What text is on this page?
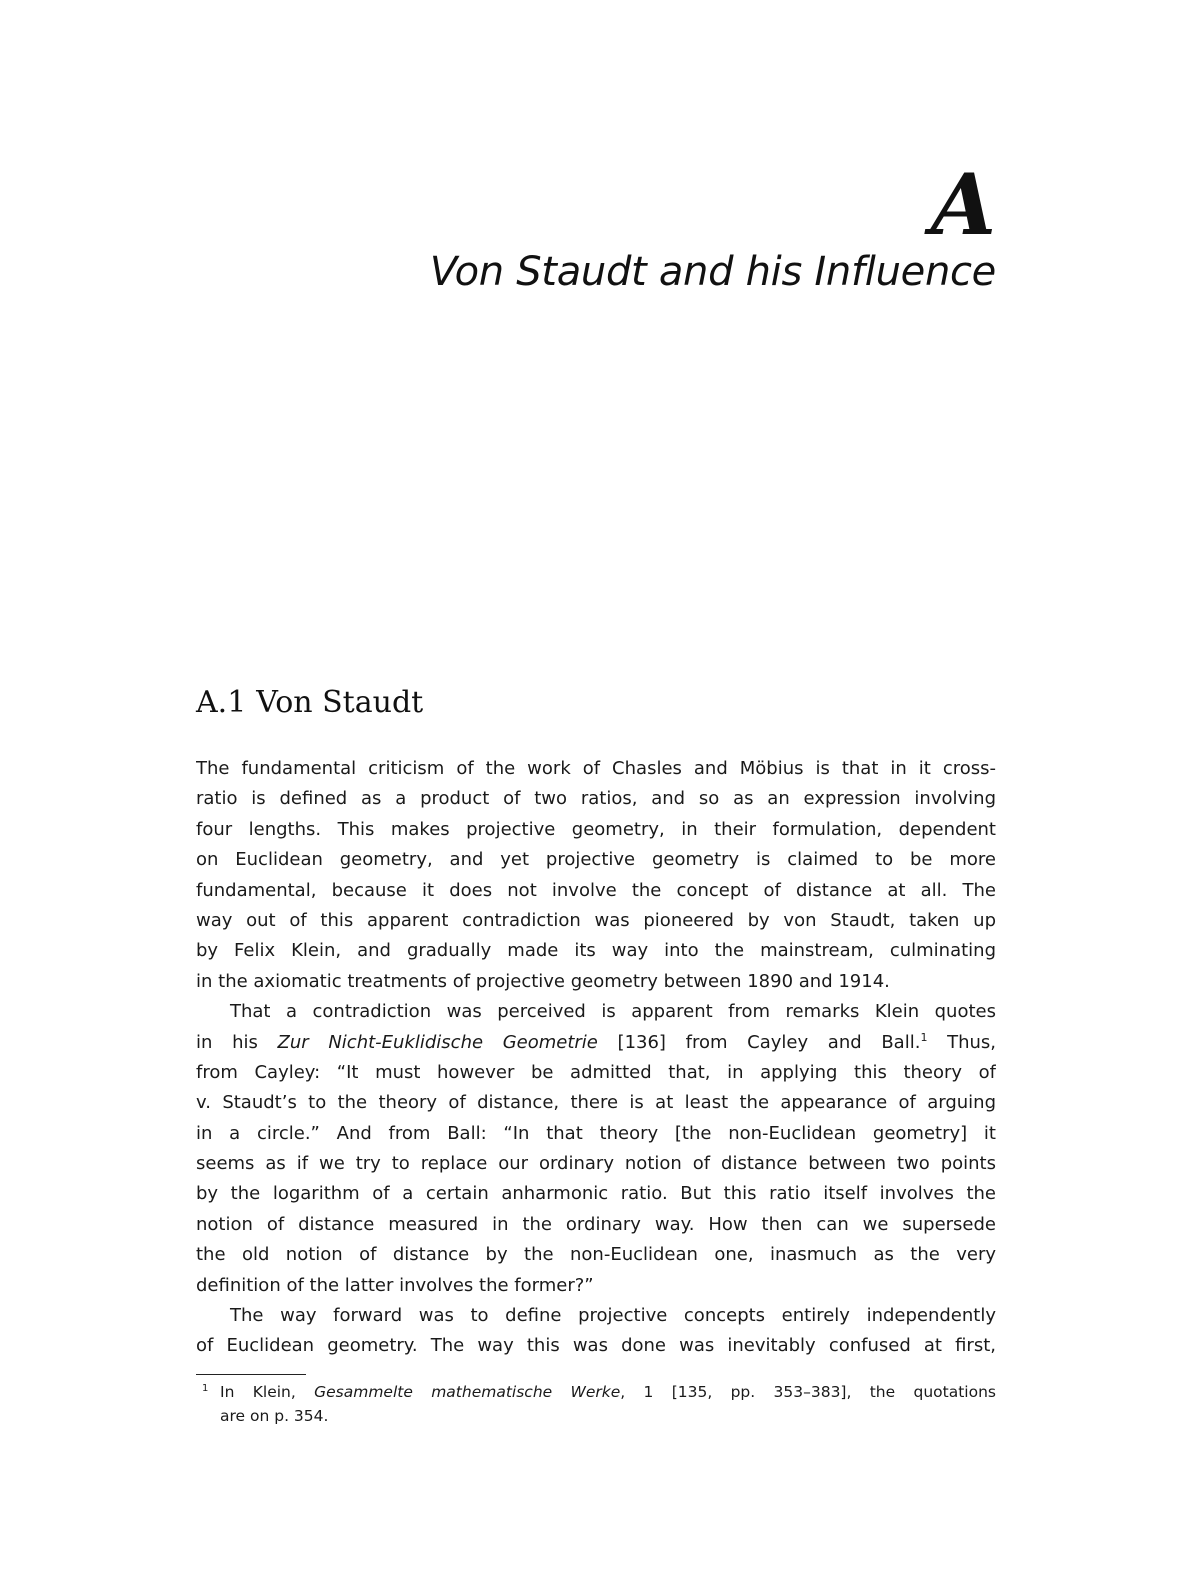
A
Von Staudt and his Influence
A.1 Von Staudt

The fundamental criticism of the work of Chasles and Möbius is that in it cross-
ratio is defined as a product of two ratios, and so as an expression involving
four lengths. This makes projective geometry, in their formulation, dependent
on Euclidean geometry, and yet projective geometry is claimed to be more
fundamental, because it does not involve the concept of distance at all. The
way out of this apparent contradiction was pioneered by von Staudt, taken up
by Felix Klein, and gradually made its way into the mainstream, culminating
in the axiomatic treatments of projective geometry between 1890 and 1914.

That a contradiction was perceived is apparent from remarks Klein quotes
in his Zur Nicht-Euklidische Geometrie [136] from Cayley and Ball.$^1$ Thus,
from Cayley: “It must however be admitted that, in applying this theory of
v. Staudt’s to the theory of distance, there is at least the appearance of arguing
in a circle.” And from Ball: “In that theory [the non-Euclidean geometry] it
seems as if we try to replace our ordinary notion of distance between two points
by the logarithm of a certain anharmonic ratio. But this ratio itself involves the
notion of distance measured in the ordinary way. How then can we supersede
the old notion of distance by the non-Euclidean one, inasmuch as the very
definition of the latter involves the former?”

The way forward was to define projective concepts entirely independently
of Euclidean geometry. The way this was done was inevitably confused at first,

1 In Klein, Gesammelte mathematische Werke, 1 [135, pp. 353–383], the quotations
are on p. 354.
